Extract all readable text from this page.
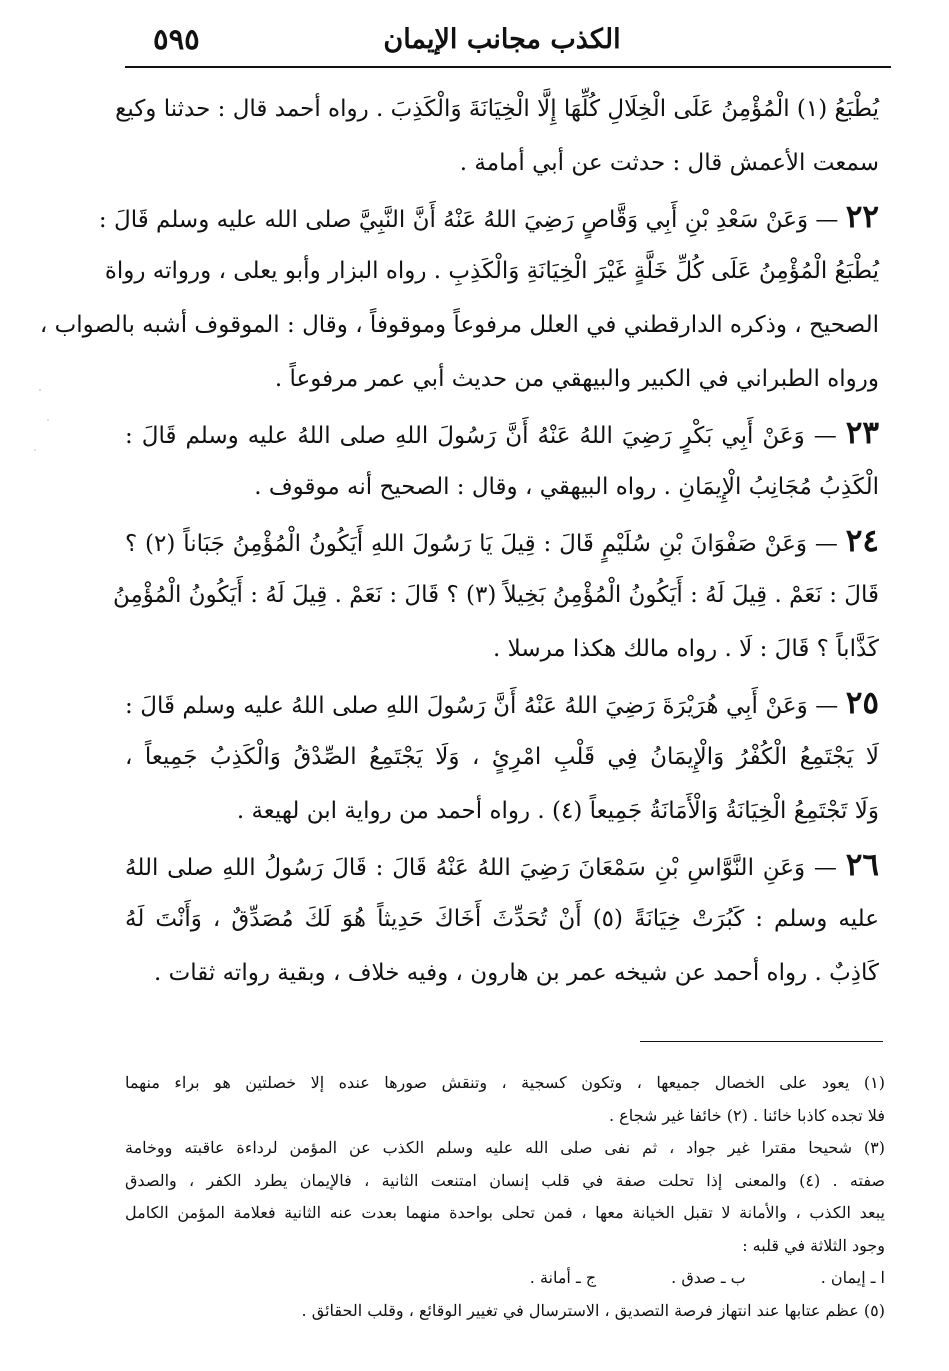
الكذب مجانب الإيمان
٥٩٥
يُطْبَعُ (١) الْمُؤْمِنُ عَلَى الْخِلَالِ كُلِّهَا إِلَّا الْخِيَانَةَ وَالْكَذِبَ . رواه أحمد قال : حدثنا وكيع
سمعت الأعمش قال : حدثت عن أبي أمامة .
٢٢ — وَعَنْ سَعْدِ بْنِ أَبِي وَقَّاصٍ رَضِيَ اللهُ عَنْهُ أَنَّ النَّبِيَّ صلى الله عليه وسلم قَالَ :
يُطْبَعُ الْمُؤْمِنُ عَلَى كُلِّ خَلَّةٍ غَيْرَ الْخِيَانَةِ وَالْكَذِبِ . رواه البزار وأبو يعلى ، ورواته رواة
الصحيح ، وذكره الدارقطني في العلل مرفوعاً وموقوفاً ، وقال : الموقوف أشبه بالصواب ،
ورواه الطبراني في الكبير والبيهقي من حديث أبي عمر مرفوعاً .
٢٣ — وَعَنْ أَبِي بَكْرٍ رَضِيَ اللهُ عَنْهُ أَنَّ رَسُولَ اللهِ صلى اللهُ عليه وسلم قَالَ :
الْكَذِبُ مُجَانِبُ الْإِيمَانِ . رواه البيهقي ، وقال : الصحيح أنه موقوف .
٢٤ — وَعَنْ صَفْوَانَ بْنِ سُلَيْمٍ قَالَ : قِيلَ يَا رَسُولَ اللهِ أَيَكُونُ الْمُؤْمِنُ جَبَاناً (٢) ؟
قَالَ : نَعَمْ . قِيلَ لَهُ : أَيَكُونُ الْمُؤْمِنُ بَخِيلاً (٣) ؟ قَالَ : نَعَمْ . قِيلَ لَهُ : أَيَكُونُ الْمُؤْمِنُ
كَذَّاباً ؟ قَالَ : لَا . رواه مالك هكذا مرسلا .
٢٥ — وَعَنْ أَبِي هُرَيْرَةَ رَضِيَ اللهُ عَنْهُ أَنَّ رَسُولَ اللهِ صلى اللهُ عليه وسلم قَالَ :
لَا يَجْتَمِعُ الْكُفْرُ وَالْإِيمَانُ فِي قَلْبِ امْرِئٍ ، وَلَا يَجْتَمِعُ الصِّدْقُ وَالْكَذِبُ جَمِيعاً ،
وَلَا تَجْتَمِعُ الْخِيَانَةُ وَالْأَمَانَةُ جَمِيعاً (٤) . رواه أحمد من رواية ابن لهيعة .
٢٦ — وَعَنِ النَّوَّاسِ بْنِ سَمْعَانَ رَضِيَ اللهُ عَنْهُ قَالَ : قَالَ رَسُولُ اللهِ صلى اللهُ
عليه وسلم : كَبُرَتْ خِيَانَةً (٥) أَنْ تُحَدِّثَ أَخَاكَ حَدِيثاً هُوَ لَكَ مُصَدِّقٌ ، وَأَنْتَ لَهُ
كَاذِبٌ . رواه أحمد عن شيخه عمر بن هارون ، وفيه خلاف ، وبقية رواته ثقات .
(١) يعود على الخصال جميعها ، وتكون كسجية ، وتنقش صورها عنده إلا خصلتين هو براء منهما
فلا تجده كاذبا خائنا . (٢) خائفا غير شجاع .
(٣) شحيحا مقترا غير جواد ، ثم نفى صلى الله عليه وسلم الكذب عن المؤمن لرداءة عاقبته ووخامة
صفته . (٤) والمعنى إذا تحلت صفة في قلب إنسان امتنعت الثانية ، فالإيمان يطرد الكفر ، والصدق
يبعد الكذب ، والأمانة لا تقبل الخيانة معها ، فمن تحلى بواحدة منهما بعدت عنه الثانية فعلامة المؤمن الكامل
وجود الثلاثة في قلبه :
ا ـ إيمان . ب ـ صدق . ج ـ أمانة .
(٥) عظم عتابها عند انتهاز فرصة التصديق ، الاسترسال في تغيير الوقائع ، وقلب الحقائق .
